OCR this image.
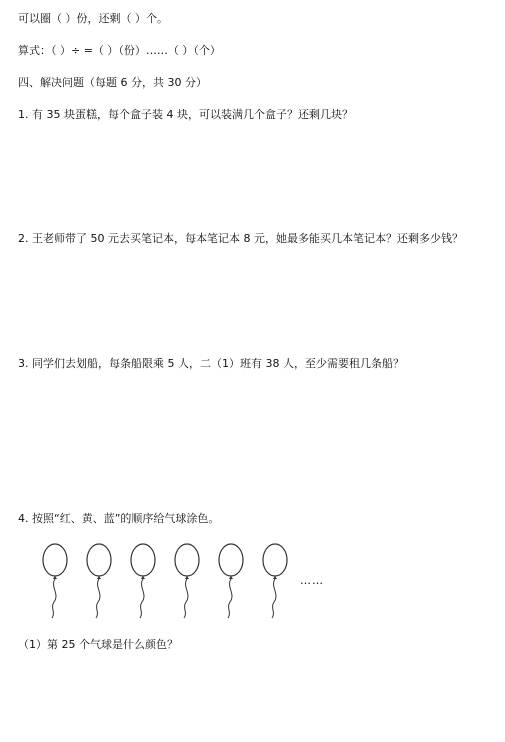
可以圈（ ）份，还剩（ ）个。
算式：（ ）÷ =（ ）（份）……（ ）（个）
四、解决问题（每题 6 分，共 30 分）
1. 有 35 块蛋糕，每个盒子装 4 块，可以装满几个盒子？还剩几块？
2. 王老师带了 50 元去买笔记本，每本笔记本 8 元，她最多能买几本笔记本？还剩多少钱？
3. 同学们去划船，每条船限乘 5 人，二（1）班有 38 人，至少需要租几条船？
4. 按照“红、黄、蓝”的顺序给气球涂色。
……
（1）第 25 个气球是什么颜色？
